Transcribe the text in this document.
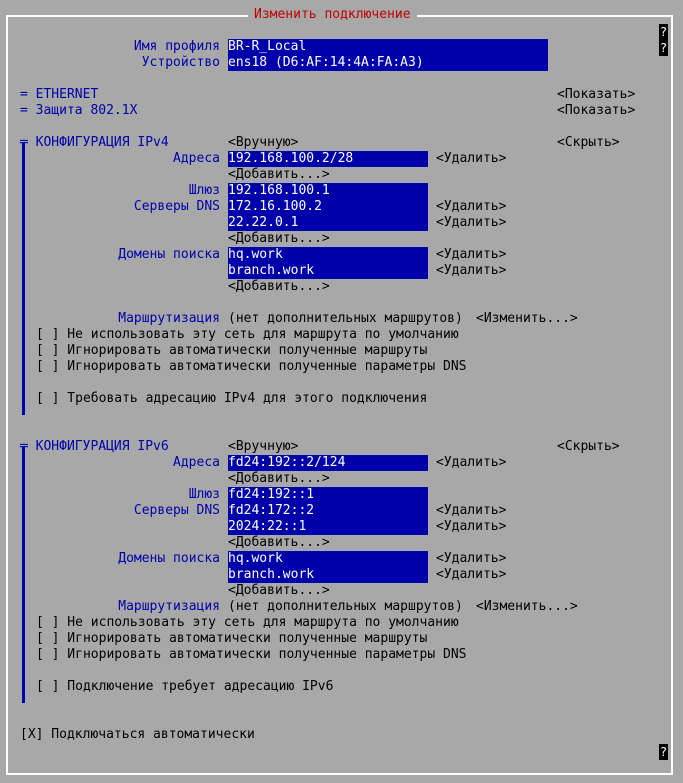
Изменить подключение
?
?
?
Имя профиля BR-R_Local
Устройство ens18 (D6:AF:14:4A:FA:A3)
= ETHERNET	<Показать>
= Защита 802.1X	<Показать>
╤ КОНФИГУРАЦИЯ IPv4	<Вручную>	<Скрыть>
Адреса 192.168.100.2/28	<Удалить>
<Добавить...>
Шлюз 192.168.100.1
Серверы DNS 172.16.100.2	<Удалить>
22.22.0.1	<Удалить>
<Добавить...>
Домены поиска hq.work	<Удалить>
branch.work	<Удалить>
<Добавить...>
Маршрутизация (нет дополнительных маршрутов) <Изменить...>
[ ] Не использовать эту сеть для маршрута по умолчанию
[ ] Игнорировать автоматически полученные маршруты
[ ] Игнорировать автоматически полученные параметры DNS
[ ] Требовать адресацию IPv4 для этого подключения
╤ КОНФИГУРАЦИЯ IPv6	<Вручную>	<Скрыть>
Адреса fd24:192::2/124	<Удалить>
<Добавить...>
Шлюз fd24:192::1
Серверы DNS fd24:172::2	<Удалить>
2024:22::1	<Удалить>
<Добавить...>
Домены поиска hq.work	<Удалить>
branch.work	<Удалить>
<Добавить...>
Маршрутизация (нет дополнительных маршрутов) <Изменить...>
[ ] Не использовать эту сеть для маршрута по умолчанию
[ ] Игнорировать автоматически полученные маршруты
[ ] Игнорировать автоматически полученные параметры DNS
[ ] Подключение требует адресацию IPv6
[X] Подключаться автоматически
